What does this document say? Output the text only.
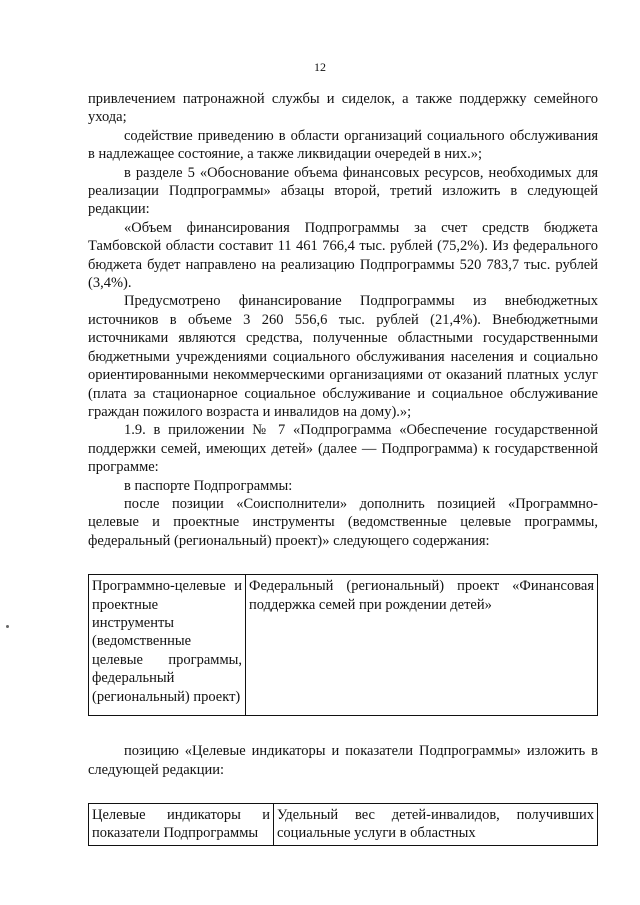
12

привлечением патронажной службы и сиделок, а также поддержку семейного ухода;

содействие приведению в области организаций социального обслуживания в надлежащее состояние, а также ликвидации очередей в них.»;

в разделе 5 «Обоснование объема финансовых ресурсов, необходимых для реализации Подпрограммы» абзацы второй, третий изложить в следующей редакции:

«Объем финансирования Подпрограммы за счет средств бюджета Тамбовской области составит 11 461 766,4 тыс. рублей (75,2%). Из федерального бюджета будет направлено на реализацию Подпрограммы 520 783,7 тыс. рублей (3,4%).

Предусмотрено финансирование Подпрограммы из внебюджетных источников в объеме 3 260 556,6 тыс. рублей (21,4%). Внебюджетными источниками являются средства, полученные областными государственными бюджетными учреждениями социального обслуживания населения и социально ориентированными некоммерческими организациями от оказаний платных услуг (плата за стационарное социальное обслуживание и социальное обслуживание граждан пожилого возраста и инвалидов на дому).»;

1.9. в приложении № 7 «Подпрограмма «Обеспечение государственной поддержки семей, имеющих детей» (далее — Подпрограмма) к государственной программе:

в паспорте Подпрограммы:

после позиции «Соисполнители» дополнить позицией «Программно-целевые и проектные инструменты (ведомственные целевые программы, федеральный (региональный) проект)» следующего содержания:

Программно-целевые и проектные инструменты (ведомственные целевые программы, федеральный (региональный) проект)	Федеральный (региональный) проект «Финансовая поддержка семей при рождении детей»

позицию «Целевые индикаторы и показатели Подпрограммы» изложить в следующей редакции:

Целевые индикаторы и показатели Подпрограммы	Удельный вес детей-инвалидов, получивших социальные услуги в областных
